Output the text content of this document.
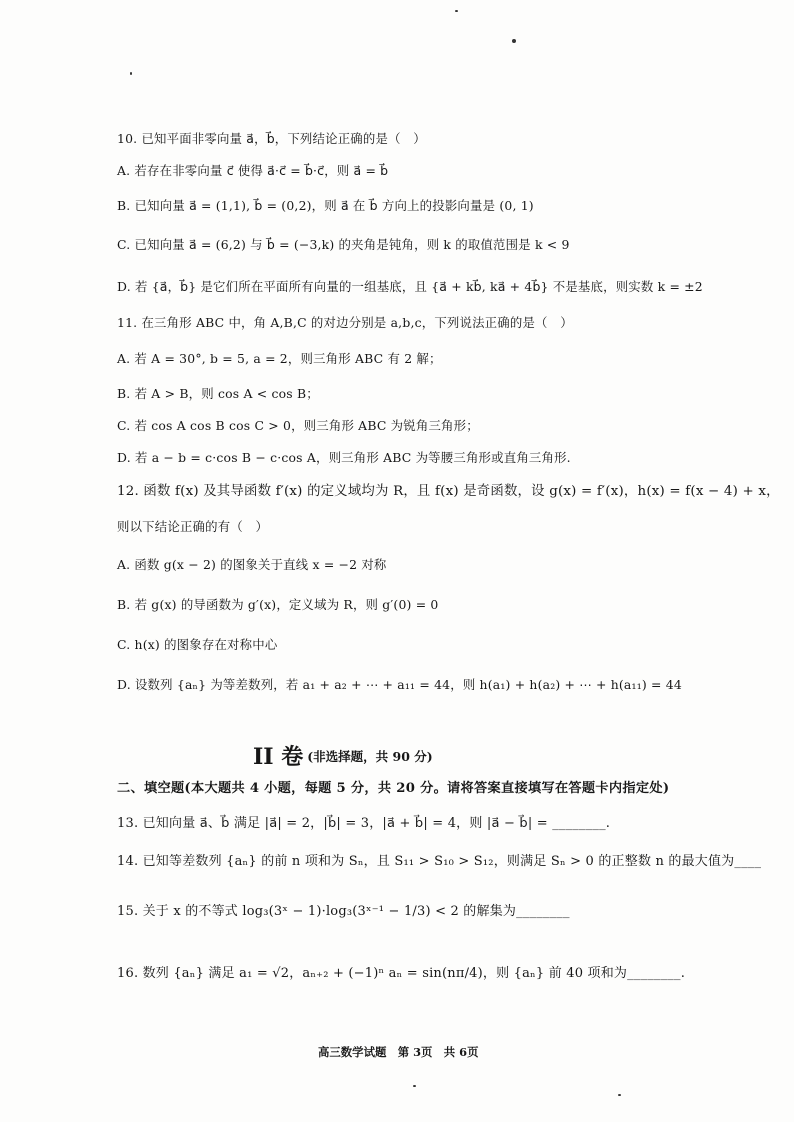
10. 已知平面非零向量 a⃗，b⃗，下列结论正确的是（　）
A. 若存在非零向量 c⃗ 使得 a⃗·c⃗ = b⃗·c⃗，则 a⃗ = b⃗
B. 已知向量 a⃗ = (1,1), b⃗ = (0,2)，则 a⃗ 在 b⃗ 方向上的投影向量是 (0, 1)
C. 已知向量 a⃗ = (6,2) 与 b⃗ = (−3,k) 的夹角是钝角，则 k 的取值范围是 k < 9
D. 若 {a⃗，b⃗} 是它们所在平面所有向量的一组基底，且 {a⃗ + kb⃗, ka⃗ + 4b⃗} 不是基底，则实数 k = ±2
11. 在三角形 ABC 中，角 A,B,C 的对边分别是 a,b,c，下列说法正确的是（　）
A. 若 A = 30°, b = 5, a = 2，则三角形 ABC 有 2 解；
B. 若 A > B，则 cos A < cos B；
C. 若 cos A cos B cos C > 0，则三角形 ABC 为锐角三角形；
D. 若 a − b = c·cos B − c·cos A，则三角形 ABC 为等腰三角形或直角三角形.
12. 函数 f(x) 及其导函数 f′(x) 的定义域均为 R，且 f(x) 是奇函数，设 g(x) = f′(x)，h(x) = f(x − 4) + x，
则以下结论正确的有（　）
A. 函数 g(x − 2) 的图象关于直线 x = −2 对称
B. 若 g(x) 的导函数为 g′(x)，定义域为 R，则 g′(0) = 0
C. h(x) 的图象存在对称中心
D. 设数列 {aₙ} 为等差数列，若 a₁ + a₂ + ⋯ + a₁₁ = 44，则 h(a₁) + h(a₂) + ⋯ + h(a₁₁) = 44
II 卷 $^{(非选择题,共 90 分)}$
二、填空题(本大题共 4 小题，每题 5 分，共 20 分。请将答案直接填写在答题卡内指定处)
13. 已知向量 a⃗、b⃗ 满足 |a⃗| = 2，|b⃗| = 3，|a⃗ + b⃗| = 4，则 |a⃗ − b⃗| = ________.
14. 已知等差数列 {aₙ} 的前 n 项和为 Sₙ，且 S₁₁ > S₁₀ > S₁₂，则满足 Sₙ > 0 的正整数 n 的最大值为____
15. 关于 x 的不等式 log₃(3ˣ − 1)·log₃(3ˣ⁻¹ − 1/3) < 2 的解集为________
16. 数列 {aₙ} 满足 a₁ = √2，aₙ₊₂ + (−1)ⁿ aₙ = sin(nπ/4)，则 {aₙ} 前 40 项和为________.
高三数学试题　第 3页　共 6页
